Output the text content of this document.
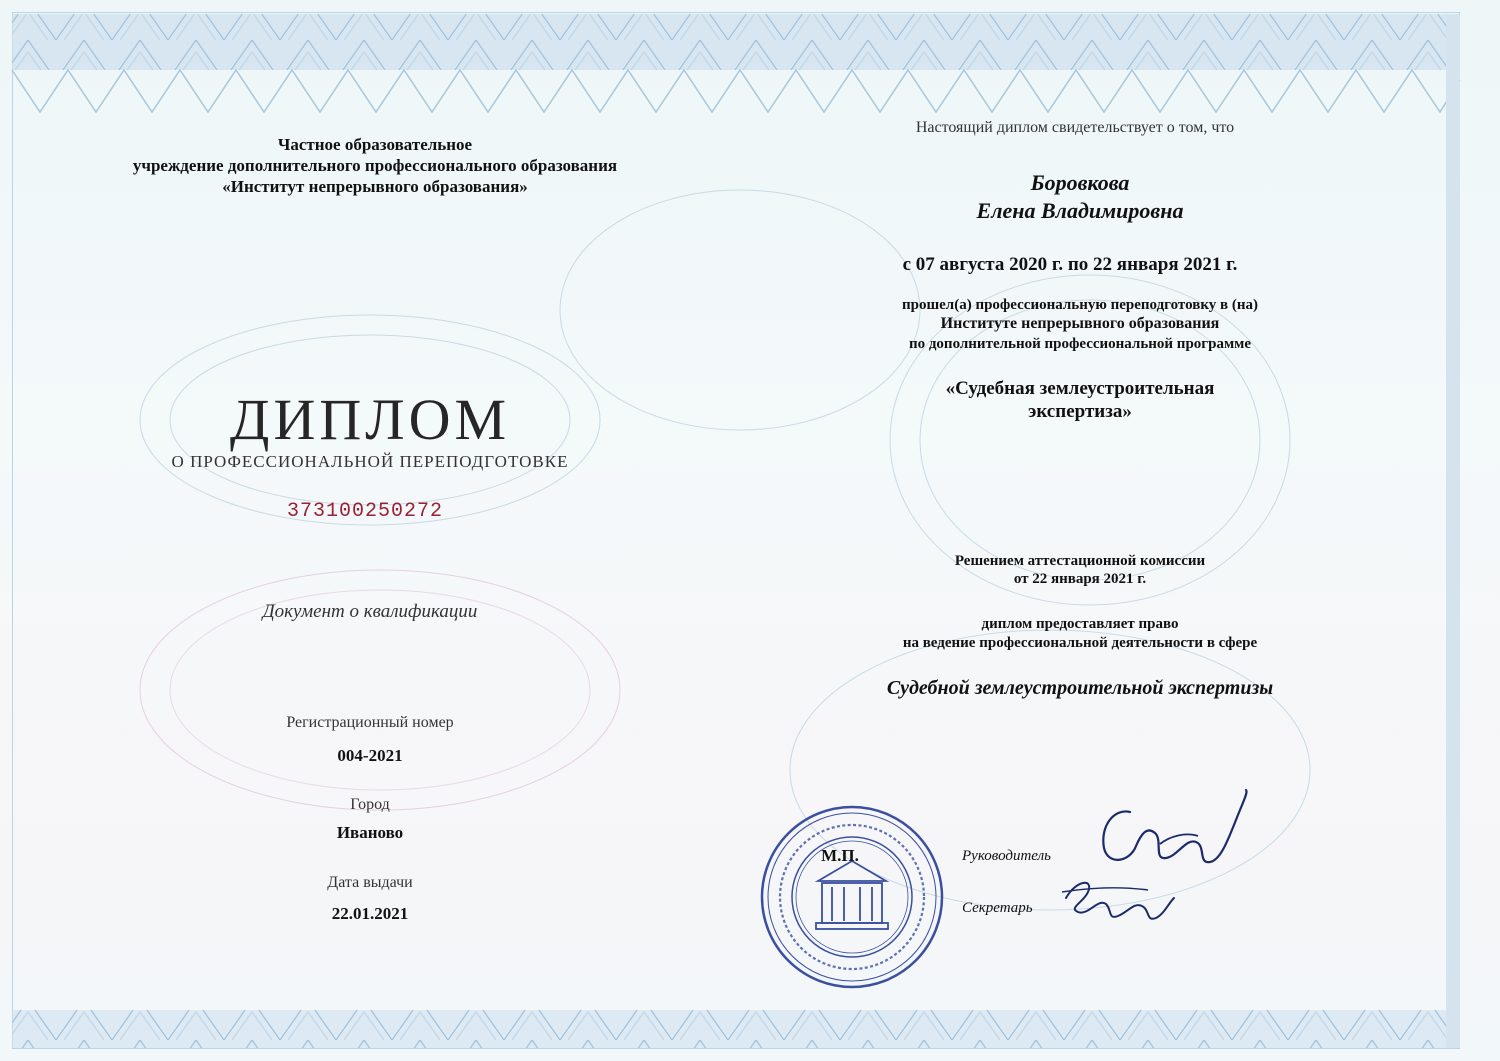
Частное образовательное
учреждение дополнительного профессионального образования
«Институт непрерывного образования»
ДИПЛОМ
О ПРОФЕССИОНАЛЬНОЙ ПЕРЕПОДГОТОВКЕ
373100250272
Документ о квалификации
Регистрационный номер
004-2021
Город
Иваново
Дата выдачи
22.01.2021
Настоящий диплом свидетельствует о том, что
Боровкова
Елена Владимировна
с 07 августа 2020 г. по 22 января 2021 г.
прошел(а) профессиональную переподготовку в (на)
Институте непрерывного образования
по дополнительной профессиональной программе
«Судебная землеустроительная
экспертиза»
Решением аттестационной комиссии
от 22 января 2021 г.
диплом предоставляет право
на ведение профессиональной деятельности в сфере
Судебной землеустроительной экспертизы
М.П.	Руководитель
Секретарь
